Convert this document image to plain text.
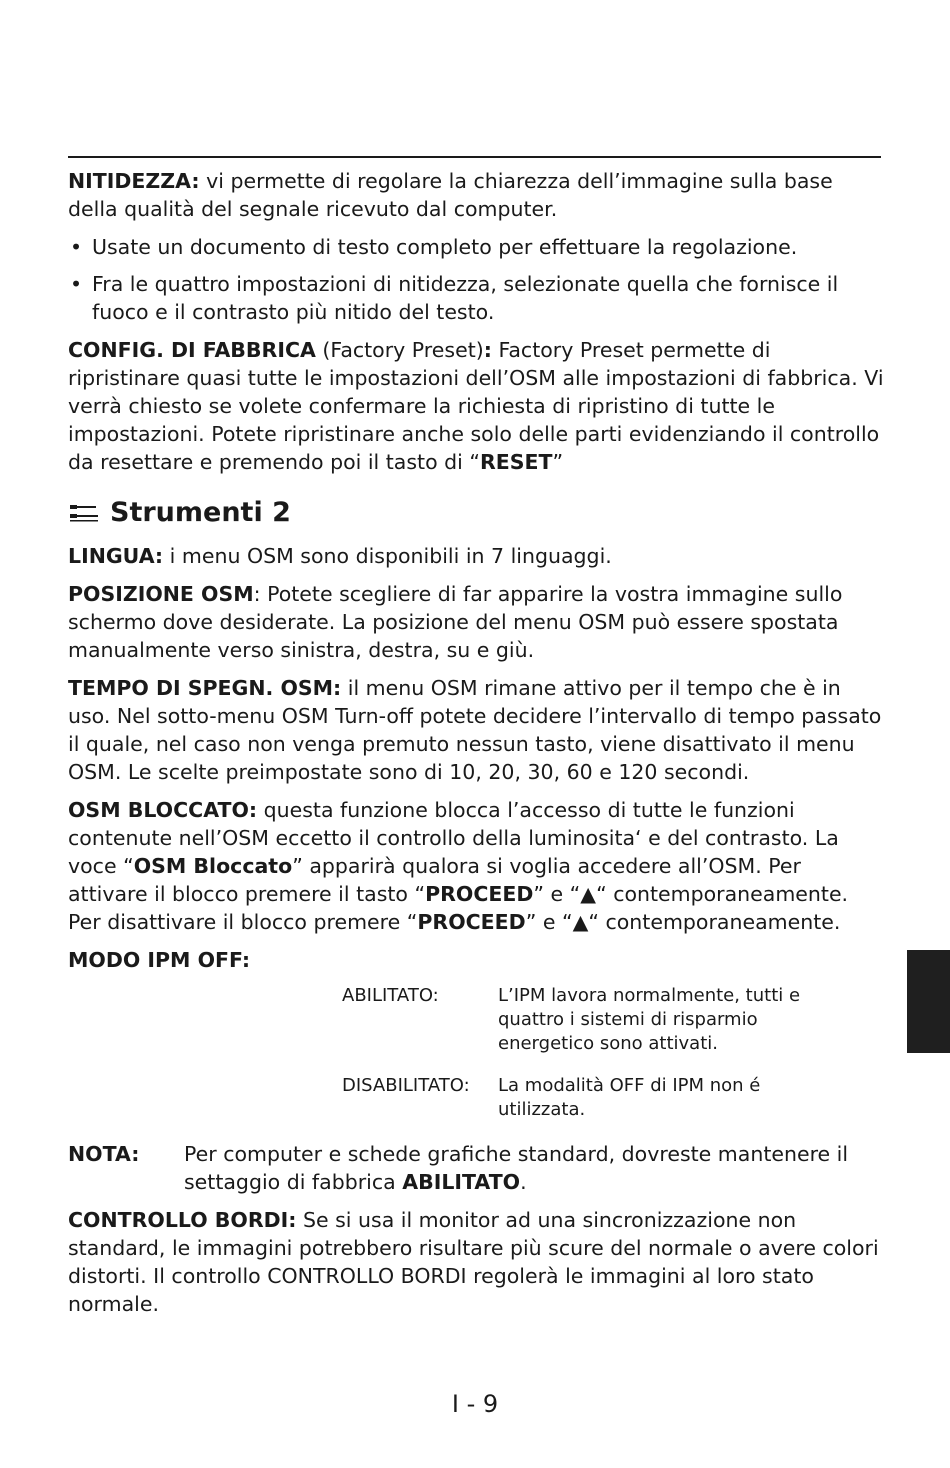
NITIDEZZA: vi permette di regolare la chiarezza dell’immagine sulla base della qualità del segnale ricevuto dal computer.

• Usate un documento di testo completo per effettuare la regolazione.
• Fra le quattro impostazioni di nitidezza, selezionate quella che fornisce il fuoco e il contrasto più nitido del testo.

CONFIG. DI FABBRICA (Factory Preset): Factory Preset permette di ripristinare quasi tutte le impostazioni dell’OSM alle impostazioni di fabbrica. Vi verrà chiesto se volete confermare la richiesta di ripristino di tutte le impostazioni. Potete ripristinare anche solo delle parti evidenziando il controllo da resettare e premendo poi il tasto di “RESET”

Strumenti 2

LINGUA: i menu OSM sono disponibili in 7 linguaggi.

POSIZIONE OSM: Potete scegliere di far apparire la vostra immagine sullo schermo dove desiderate. La posizione del menu OSM può essere spostata manualmente verso sinistra, destra, su e giù.

TEMPO DI SPEGN. OSM: il menu OSM rimane attivo per il tempo che è in uso. Nel sotto-menu OSM Turn-off potete decidere l’intervallo di tempo passato il quale, nel caso non venga premuto nessun tasto, viene disattivato il menu OSM. Le scelte preimpostate sono di 10, 20, 30, 60 e 120 secondi.

OSM BLOCCATO: questa funzione blocca l’accesso di tutte le funzioni contenute nell’OSM eccetto il controllo della luminosita‘ e del contrasto. La voce “OSM Bloccato” apparirà qualora si voglia accedere all’OSM. Per attivare il blocco premere il tasto “PROCEED” e “▲“ contemporaneamente. Per disattivare il blocco premere “PROCEED” e “▲“ contemporaneamente.

MODO IPM OFF:

ABILITATO:	L’IPM lavora normalmente, tutti e quattro i sistemi di risparmio energetico sono attivati.
DISABILITATO:	La modalità OFF di IPM non é utilizzata.
NOTA:	Per computer e schede grafiche standard, dovreste mantenere il settaggio di fabbrica ABILITATO.

CONTROLLO BORDI: Se si usa il monitor ad una sincronizzazione non standard, le immagini potrebbero risultare più scure del normale o avere colori distorti. Il controllo CONTROLLO BORDI regolerà le immagini al loro stato normale.

I - 9
